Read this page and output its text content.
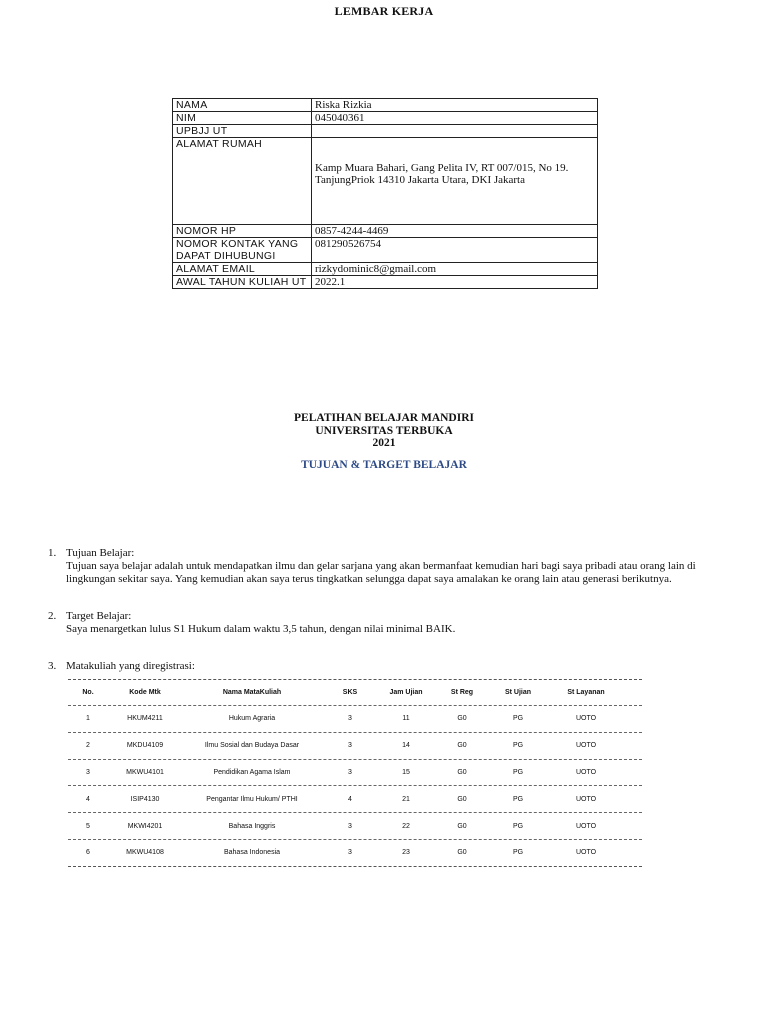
LEMBAR KERJA
NAMA	Riska Rizkia
NIM	045040361
UPBJJ UT	
ALAMAT RUMAH	Kamp Muara Bahari, Gang Pelita IV, RT 007/015, No 19.
TanjungPriok 14310 Jakarta Utara, DKI Jakarta

NOMOR HP	0857-4244-4469
NOMOR KONTAK YANG DAPAT DIHUBUNGI	081290526754
ALAMAT EMAIL	rizkydominic8@gmail.com
AWAL TAHUN KULIAH UT	2022.1
PELATIHAN BELAJAR MANDIRI
UNIVERSITAS TERBUKA
2021
TUJUAN & TARGET BELAJAR
1. Tujuan Belajar:
Tujuan saya belajar adalah untuk mendapatkan ilmu dan gelar sarjana yang akan bermanfaat kemudian hari bagi saya pribadi atau orang lain di lingkungan sekitar saya. Yang kemudian akan saya terus tingkatkan selungga dapat saya amalakan ke orang lain atau generasi berikutnya.
2. Target Belajar:
Saya menargetkan lulus S1 Hukum dalam waktu 3,5 tahun, dengan nilai minimal BAIK.
3. Matakuliah yang diregistrasi:
No.	Kode Mtk	Nama MataKuliah	SKS	Jam Ujian	St Reg	St Ujian	St Layanan
1	HKUM4211	Hukum Agraria	3	11	G0	PG	UOTO
2	MKDU4109	Ilmu Sosial dan Budaya Dasar	3	14	G0	PG	UOTO
3	MKWU4101	Pendidikan Agama Islam	3	15	G0	PG	UOTO
4	ISIP4130	Pengantar Ilmu Hukum/ PTHI	4	21	G0	PG	UOTO
5	MKWI4201	Bahasa Inggris	3	22	G0	PG	UOTO
6	MKWU4108	Bahasa Indonesia	3	23	G0	PG	UOTO
